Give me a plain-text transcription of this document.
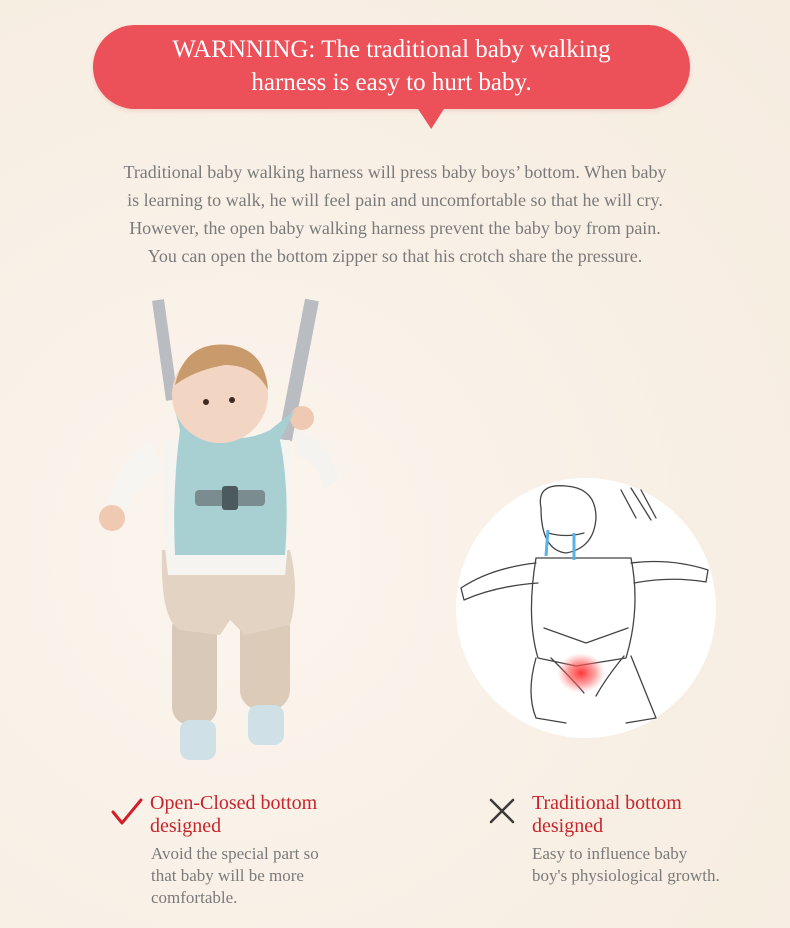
WARNNING: The traditional baby walking
harness is easy to hurt baby.
Traditional baby walking harness will press baby boys’ bottom. When baby
is learning to walk, he will feel pain and uncomfortable so that he will cry.
However, the open baby walking harness prevent the baby boy from pain.
You can open the bottom zipper so that his crotch share the pressure.
Open-Closed bottom
designed
Avoid the special part so
that baby will be more
comfortable.
Traditional bottom
designed
Easy to influence baby
boy's physiological growth.
